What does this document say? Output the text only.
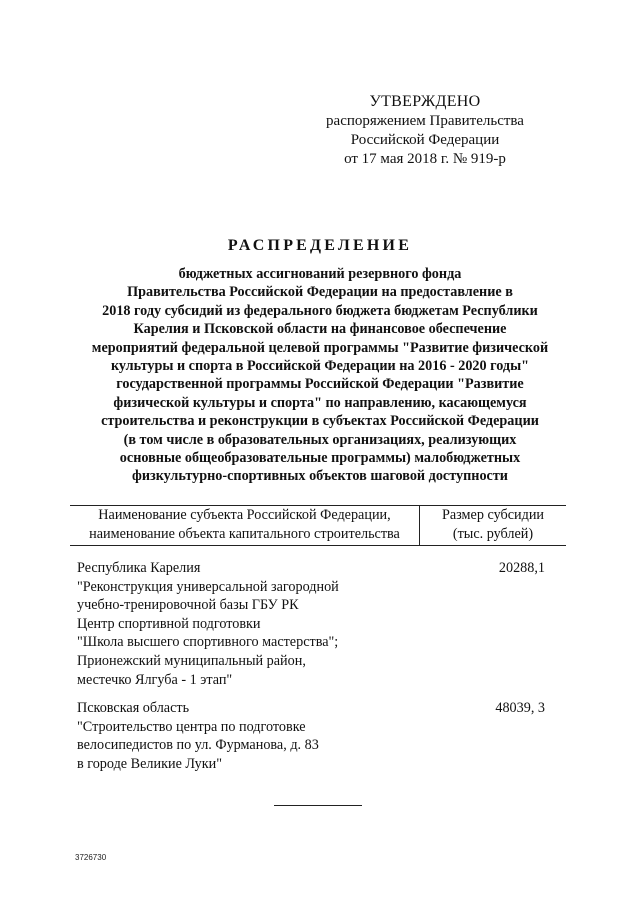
УТВЕРЖДЕНО
распоряжением Правительства
Российской Федерации
от 17 мая 2018 г. № 919-р
РАСПРЕДЕЛЕНИЕ
бюджетных ассигнований резервного фонда
Правительства Российской Федерации на предоставление в
2018 году субсидий из федерального бюджета бюджетам Республики
Карелия и Псковской области на финансовое обеспечение
мероприятий федеральной целевой программы "Развитие физической
культуры и спорта в Российской Федерации на 2016 - 2020 годы"
государственной программы Российской Федерации "Развитие
физической культуры и спорта" по направлению, касающемуся
строительства и реконструкции в субъектах Российской Федерации
(в том числе в образовательных организациях, реализующих
основные общеобразовательные программы) малобюджетных
физкультурно-спортивных объектов шаговой доступности
Наименование субъекта Российской Федерации,
наименование объекта капитального строительства
Размер субсидии
(тыс. рублей)
Республика Карелия
"Реконструкция универсальной загородной
учебно-тренировочной базы ГБУ РК
Центр спортивной подготовки
"Школа высшего спортивного мастерства";
Прионежский муниципальный район,
местечко Ялгуба - 1 этап"
20288,1
Псковская область
"Строительство центра по подготовке
велосипедистов по ул. Фурманова, д. 83
в городе Великие Луки"
48039, 3
3726730
